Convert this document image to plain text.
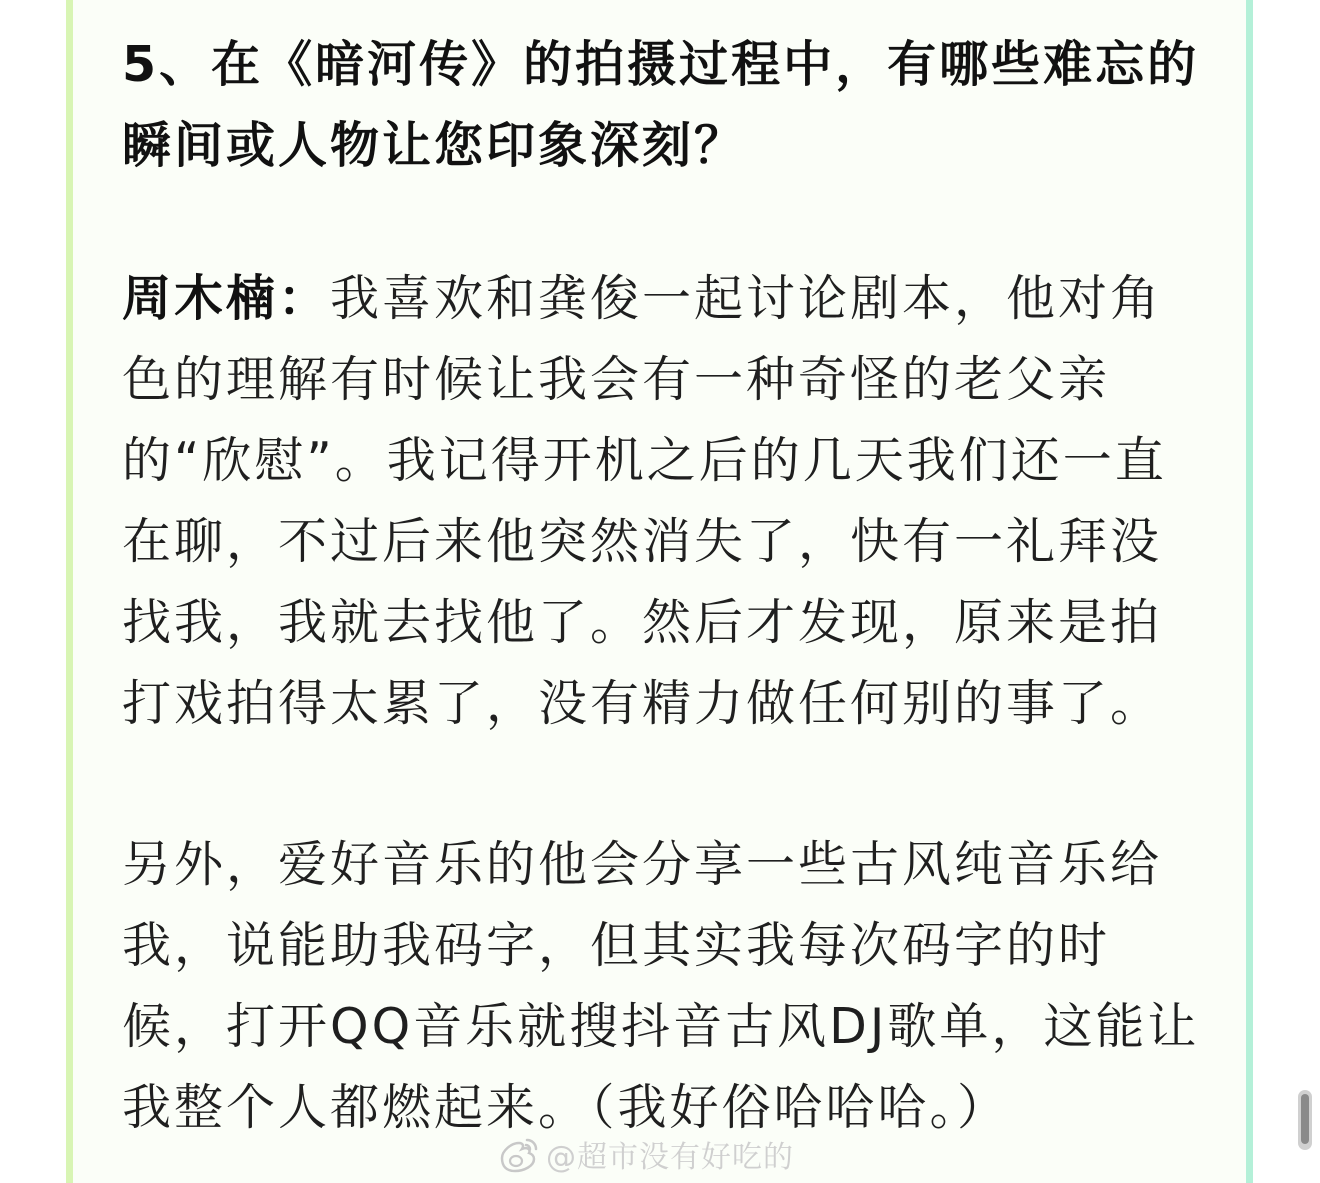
5、在《暗河传》的拍摄过程中，有哪些难忘的瞬间或人物让您印象深刻？

周木楠：我喜欢和龚俊一起讨论剧本，他对角色的理解有时候让我会有一种奇怪的老父亲的“欣慰”。我记得开机之后的几天我们还一直在聊，不过后来他突然消失了，快有一礼拜没找我，我就去找他了。然后才发现，原来是拍打戏拍得太累了，没有精力做任何别的事了。

另外，爱好音乐的他会分享一些古风纯音乐给我，说能助我码字，但其实我每次码字的时候，打开QQ音乐就搜抖音古风DJ歌单，这能让我整个人都燃起来。（我好俗哈哈哈。）

@超市没有好吃的
